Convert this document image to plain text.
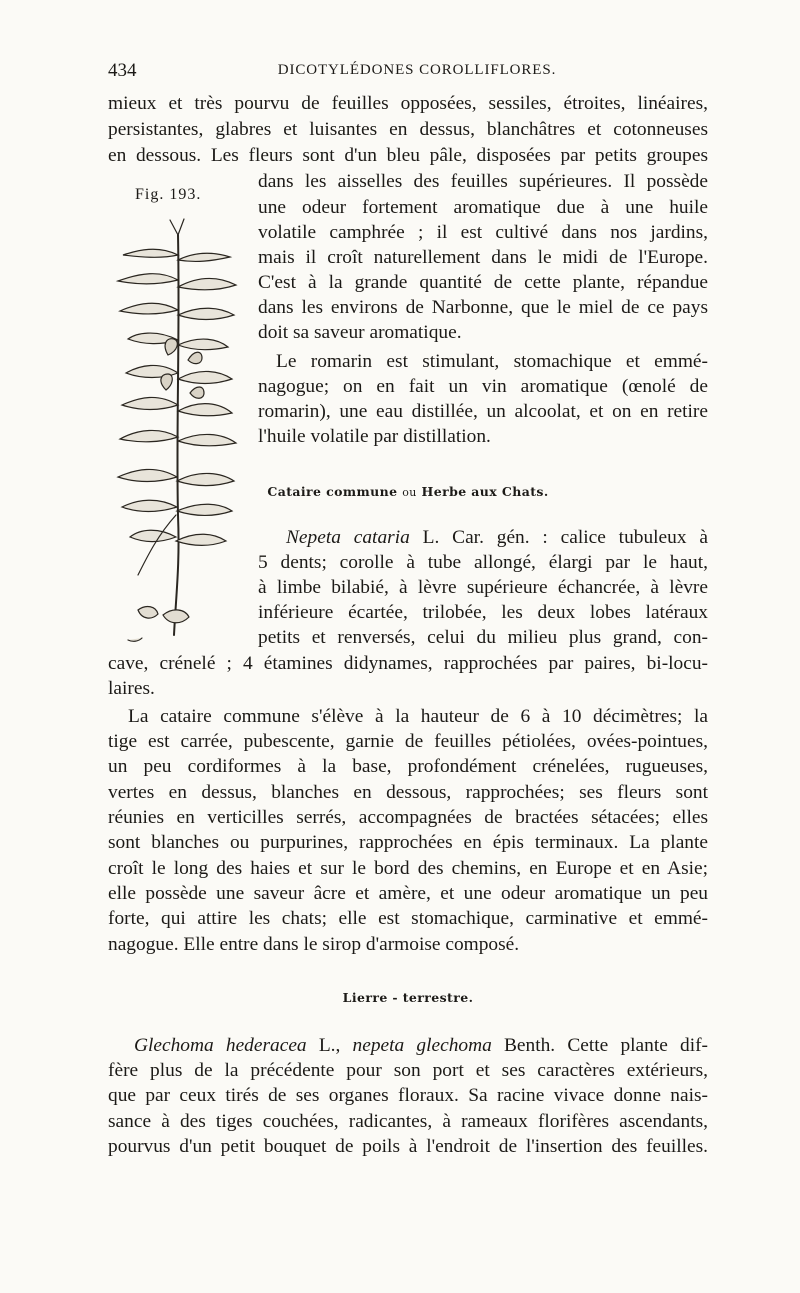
434	DICOTYLÉDONES COROLLIFLORES.
mieux et très pourvu de feuilles opposées, sessiles, étroites, linéaires,
persistantes, glabres et luisantes en dessus, blanchâtres et cotonneuses
en dessous. Les fleurs sont d'un bleu pâle, disposées par petits groupes
dans les aisselles des feuilles supérieures. Il possède
une odeur fortement aromatique due à une huile
volatile camphrée ; il est cultivé dans nos jardins,
mais il croît naturellement dans le midi de l'Europe.
C'est à la grande quantité de cette plante, répandue
dans les environs de Narbonne, que le miel de ce pays
doit sa saveur aromatique.
Le romarin est stimulant, stomachique et emmé-
nagogue; on en fait un vin aromatique (œnolé de
romarin), une eau distillée, un alcoolat, et on en retire
l'huile volatile par distillation.
Fig. 193.
Cataire commune ou Herbe aux Chats.
Nepeta cataria L. Car. gén. : calice tubuleux à
5 dents; corolle à tube allongé, élargi par le haut,
à limbe bilabié, à lèvre supérieure échancrée, à lèvre
inférieure écartée, trilobée, les deux lobes latéraux
petits et renversés, celui du milieu plus grand, con-
cave, crénelé ; 4 étamines didynames, rapprochées par paires, bi-locu-
laires.
La cataire commune s'élève à la hauteur de 6 à 10 décimètres; la
tige est carrée, pubescente, garnie de feuilles pétiolées, ovées-pointues,
un peu cordiformes à la base, profondément crénelées, rugueuses,
vertes en dessus, blanches en dessous, rapprochées; ses fleurs sont
réunies en verticilles serrés, accompagnées de bractées sétacées; elles
sont blanches ou purpurines, rapprochées en épis terminaux. La plante
croît le long des haies et sur le bord des chemins, en Europe et en Asie;
elle possède une saveur âcre et amère, et une odeur aromatique un peu
forte, qui attire les chats; elle est stomachique, carminative et emmé-
nagogue. Elle entre dans le sirop d'armoise composé.
Lierre - terrestre.
Glechoma hederacea L., nepeta glechoma Benth. Cette plante dif-
fère plus de la précédente pour son port et ses caractères extérieurs,
que par ceux tirés de ses organes floraux. Sa racine vivace donne nais-
sance à des tiges couchées, radicantes, à rameaux florifères ascendants,
pourvus d'un petit bouquet de poils à l'endroit de l'insertion des feuilles.
